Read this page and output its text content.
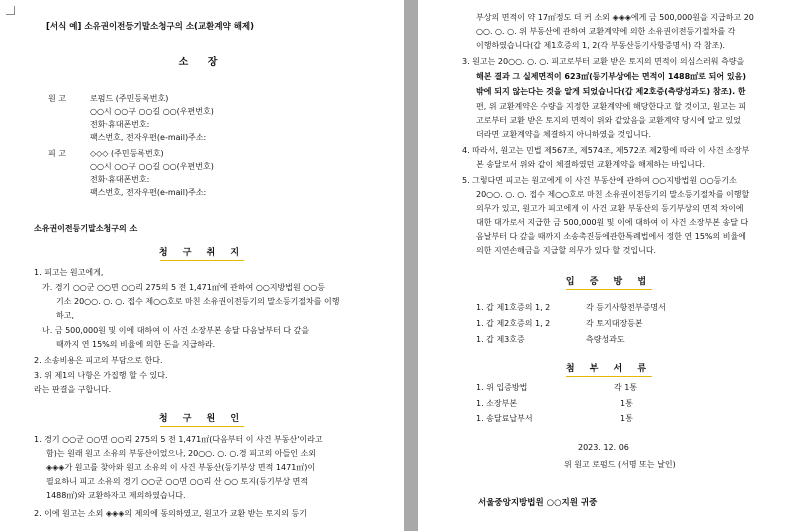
[서식 예] 소유권이전등기말소청구의 소(교환계약 해제)
소 장
원 고	로펌드 (주민등록번호)
○○시 ○○구 ○○길 ○○(우편번호)
전화·휴대폰번호:
팩스번호, 전자우편(e-mail)주소:
피 고	◇◇◇ (주민등록번호)
○○시 ○○구 ○○길 ○○(우편번호)
전화·휴대폰번호:
팩스번호, 전자우편(e-mail)주소:
소유권이전등기말소청구의 소
청 구 취 지
1. 피고는 원고에게,
가. 경기 ○○군 ○○면 ○○리 275의 5 전 1,471㎡에 관하여 ○○지방법원 ○○등
기소 20○○. ○. ○. 접수 제○○호로 마친 소유권이전등기의 말소등기절차를 이행
하고,
나. 금 500,000원 및 이에 대하여 이 사건 소장부본 송달 다음날부터 다 갚을
때까지 연 15%의 비율에 의한 돈을 지급하라.
2. 소송비용은 피고의 부담으로 한다.
3. 위 제1의 나항은 가집행 할 수 있다.
라는 판결을 구합니다.
청 구 원 인
1. 경기 ○○군 ○○면 ○○리 275의 5 전 1,471㎡(다음부터 이 사건 부동산'이라고
함)는 원래 원고 소유의 부동산이었으나, 20○○. ○. ○.경 피고의 아들인 소외
◈◈◈가 원고를 찾아와 원고 소유의 이 사건 부동산(등기부상 면적 1471㎡)이
필요하니 피고 소유의 경기 ○○군 ○○면 ○○리 산 ○○ 토지(등기부상 면적
1488㎡)와 교환하자고 제의하였습니다.
2. 이에 원고는 소외 ◈◈◈의 제의에 동의하였고, 원고가 교환 받는 토지의 등기
부상의 면적이 약 17㎡정도 더 커 소외 ◈◈◈에게 금 500,000원을 지급하고 20
○○. ○. ○. 위 부동산에 관하여 교환계약에 의한 소유권이전등기절차를 각
이행하였습니다(갑 제1호증의 1, 2(각 부동산등기사항증명서) 각 참조).
3. 원고는 20○○. ○. ○. 피고로부터 교환 받은 토지의 면적이 의심스러워 측량을
해본 결과 그 실제면적이 623㎡(등기부상에는 면적이 1488㎡로 되어 있음)
밖에 되지 않는다는 것을 알게 되었습니다(갑 제2호증(측량성과도) 참조). 한
편, 위 교환계약은 수량을 지정한 교환계약에 해당한다고 할 것이고, 원고는 피
고로부터 교환 받은 토지의 면적이 위와 같았음을 교환계약 당시에 알고 있었
더라면 교환계약을 체결하지 아니하였을 것입니다.
4. 따라서, 원고는 민법 제567조, 제574조, 제572조 제2항에 따라 이 사건 소장부
본 송달로서 위와 같이 체결하였던 교환계약을 해제하는 바입니다.
5. 그렇다면 피고는 원고에게 이 사건 부동산에 관하여 ○○지방법원 ○○등기소
20○○. ○. ○. 접수 제○○호로 마친 소유권이전등기의 말소등기절차를 이행할
의무가 있고, 원고가 피고에게 이 사건 교환 부동산의 등기부상의 면적 차이에
대한 대가로서 지급한 금 500,000원 및 이에 대하여 이 사건 소장부본 송달 다
음날부터 다 갚을 때까지 소송촉진등에관한특례법에서 정한 연 15%의 비율에
의한 지연손해금을 지급할 의무가 있다 할 것입니다.
입 증 방 법
1. 갑 제1호증의 1, 2	각 등기사항전부증명서
1. 갑 제2호증의 1, 2	각 토지대장등본
1. 갑 제3호증	측량성과도
첨 부 서 류
1. 위 입증방법	각 1통
1. 소장부본	1통
1. 송달료납부서	1통
2023. 12. 06
위 원고 로펌드 (서명 또는 날인)
서울중앙지방법원 ○○지원 귀중
